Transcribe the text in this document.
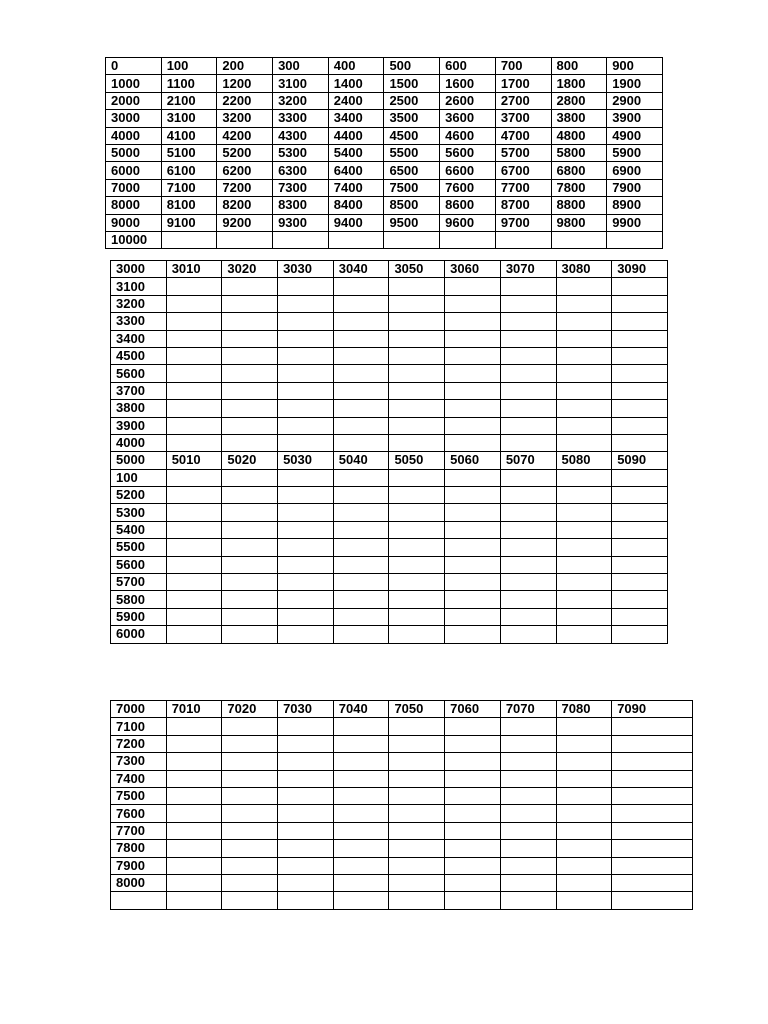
0	100	200	300	400	500	600	700	800	900
1000	1100	1200	3100	1400	1500	1600	1700	1800	1900
2000	2100	2200	3200	2400	2500	2600	2700	2800	2900
3000	3100	3200	3300	3400	3500	3600	3700	3800	3900
4000	4100	4200	4300	4400	4500	4600	4700	4800	4900
5000	5100	5200	5300	5400	5500	5600	5700	5800	5900
6000	6100	6200	6300	6400	6500	6600	6700	6800	6900
7000	7100	7200	7300	7400	7500	7600	7700	7800	7900
8000	8100	8200	8300	8400	8500	8600	8700	8800	8900
9000	9100	9200	9300	9400	9500	9600	9700	9800	9900
10000									
3000	3010	3020	3030	3040	3050	3060	3070	3080	3090
3100									
3200									
3300									
3400									
4500									
5600									
3700									
3800									
3900									
4000									
5000	5010	5020	5030	5040	5050	5060	5070	5080	5090
100									
5200									
5300									
5400									
5500									
5600									
5700									
5800									
5900									
6000									
7000	7010	7020	7030	7040	7050	7060	7070	7080	7090
7100									
7200									
7300									
7400									
7500									
7600									
7700									
7800									
7900									
8000									
